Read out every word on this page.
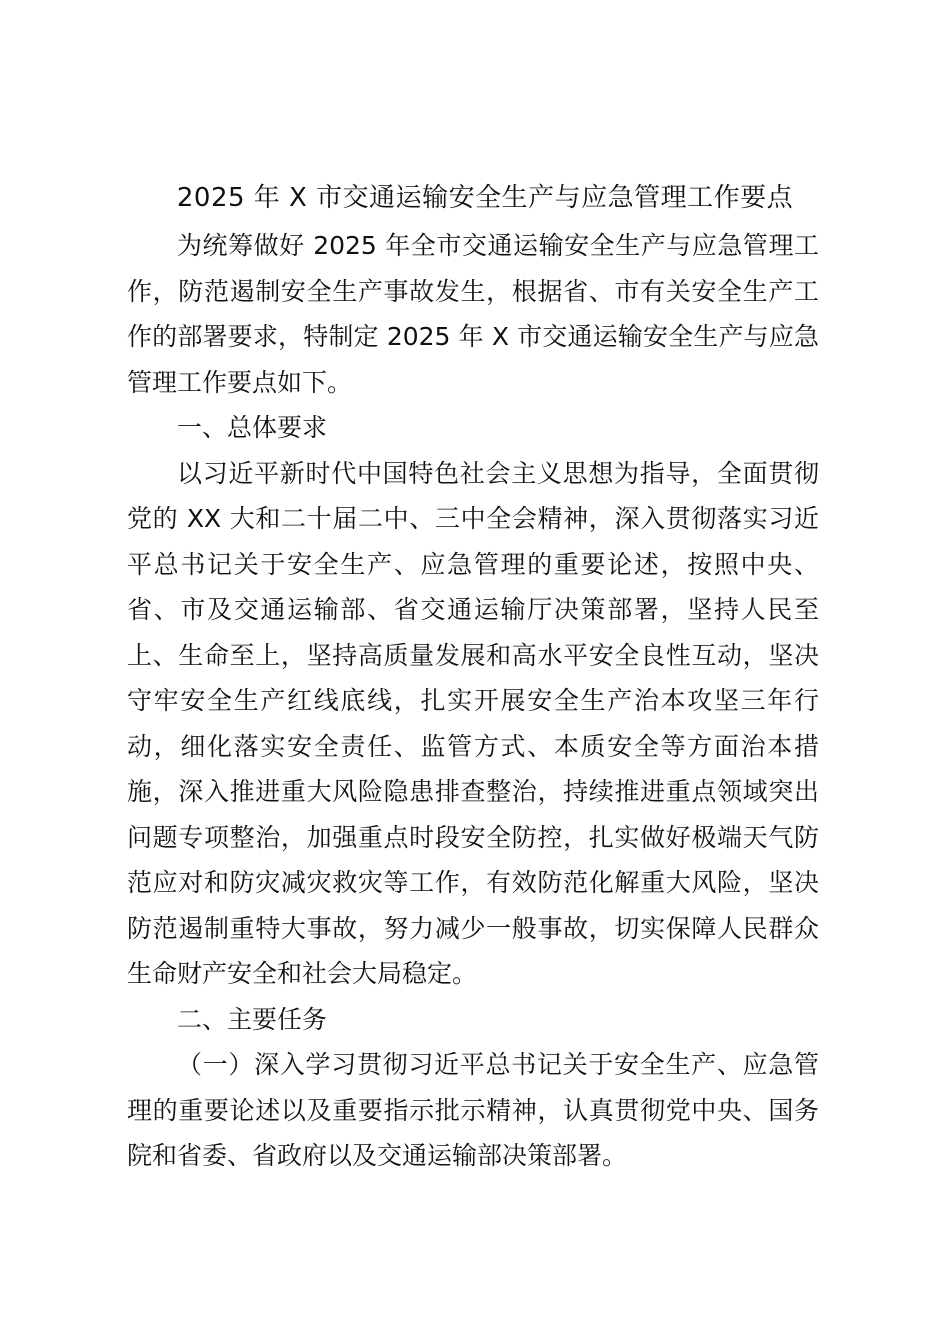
2025 年 X 市交通运输安全生产与应急管理工作要点

为统筹做好 2025 年全市交通运输安全生产与应急管理工作，防范遏制安全生产事故发生，根据省、市有关安全生产工作的部署要求，特制定 2025 年 X 市交通运输安全生产与应急管理工作要点如下。

一、总体要求

以习近平新时代中国特色社会主义思想为指导，全面贯彻党的 XX 大和二十届二中、三中全会精神，深入贯彻落实习近平总书记关于安全生产、应急管理的重要论述，按照中央、省、市及交通运输部、省交通运输厅决策部署，坚持人民至上、生命至上，坚持高质量发展和高水平安全良性互动，坚决守牢安全生产红线底线，扎实开展安全生产治本攻坚三年行动，细化落实安全责任、监管方式、本质安全等方面治本措施，深入推进重大风险隐患排查整治，持续推进重点领域突出问题专项整治，加强重点时段安全防控，扎实做好极端天气防范应对和防灾减灾救灾等工作，有效防范化解重大风险，坚决防范遏制重特大事故，努力减少一般事故，切实保障人民群众生命财产安全和社会大局稳定。

二、主要任务

（一）深入学习贯彻习近平总书记关于安全生产、应急管理的重要论述以及重要指示批示精神，认真贯彻党中央、国务院和省委、省政府以及交通运输部决策部署。
